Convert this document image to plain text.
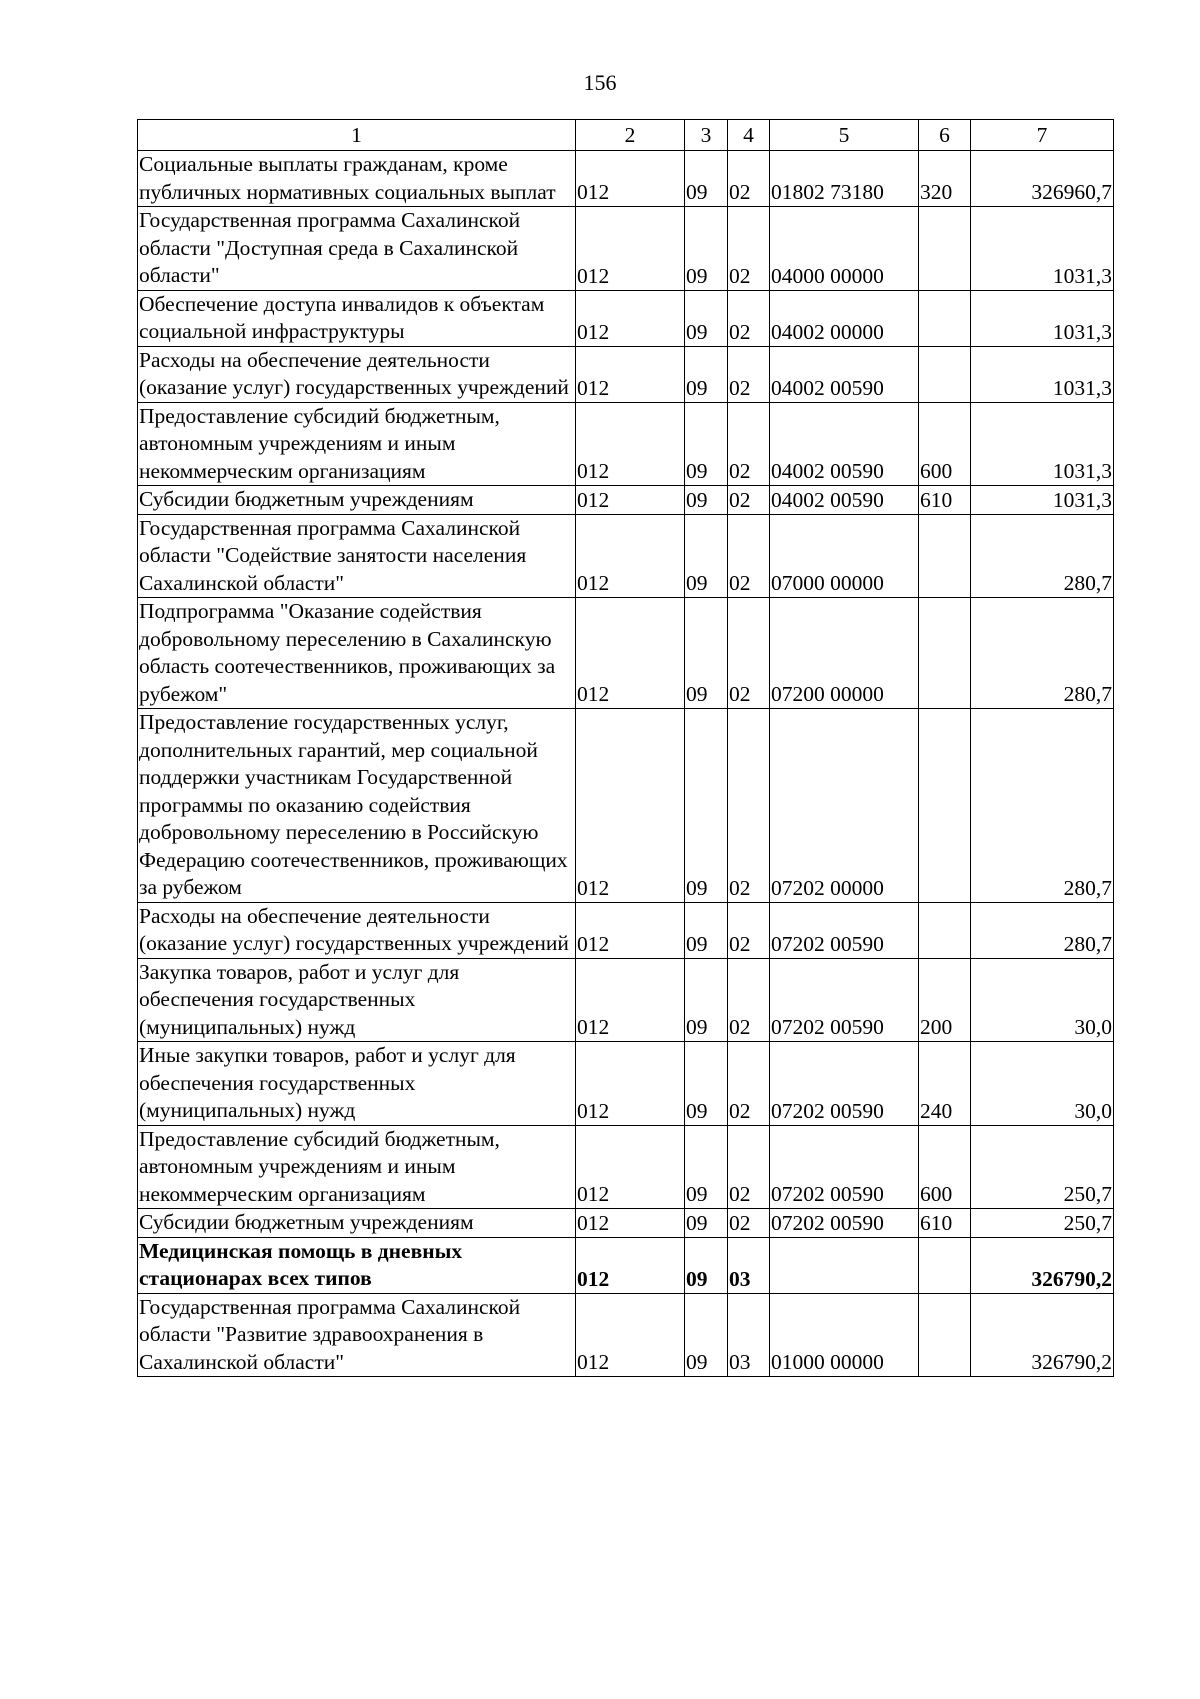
156
1	2	3	4	5	6	7
Социальные выплаты гражданам, кроме публичных нормативных социальных выплат	012	09	02	01802 73180	320	326960,7
Государственная программа Сахалинской области "Доступная среда в Сахалинской области"	012	09	02	04000 00000		1031,3
Обеспечение доступа инвалидов к объектам социальной инфраструктуры	012	09	02	04002 00000		1031,3
Расходы на обеспечение деятельности (оказание услуг) государственных учреждений	012	09	02	04002 00590		1031,3
Предоставление субсидий бюджетным, автономным учреждениям и иным некоммерческим организациям	012	09	02	04002 00590	600	1031,3
Субсидии бюджетным учреждениям	012	09	02	04002 00590	610	1031,3
Государственная программа Сахалинской области "Содействие занятости населения Сахалинской области"	012	09	02	07000 00000		280,7
Подпрограмма "Оказание содействия добровольному переселению в Сахалинскую область соотечественников, проживающих за рубежом"	012	09	02	07200 00000		280,7
Предоставление государственных услуг, дополнительных гарантий, мер социальной поддержки участникам Государственной программы по оказанию содействия добровольному переселению в Российскую Федерацию соотечественников, проживающих за рубежом	012	09	02	07202 00000		280,7
Расходы на обеспечение деятельности (оказание услуг) государственных учреждений	012	09	02	07202 00590		280,7
Закупка товаров, работ и услуг для обеспечения государственных (муниципальных) нужд	012	09	02	07202 00590	200	30,0
Иные закупки товаров, работ и услуг для обеспечения государственных (муниципальных) нужд	012	09	02	07202 00590	240	30,0
Предоставление субсидий бюджетным, автономным учреждениям и иным некоммерческим организациям	012	09	02	07202 00590	600	250,7
Субсидии бюджетным учреждениям	012	09	02	07202 00590	610	250,7
Медицинская помощь в дневных стационарах всех типов	012	09	03			326790,2
Государственная программа Сахалинской области "Развитие здравоохранения в Сахалинской области"	012	09	03	01000 00000		326790,2
